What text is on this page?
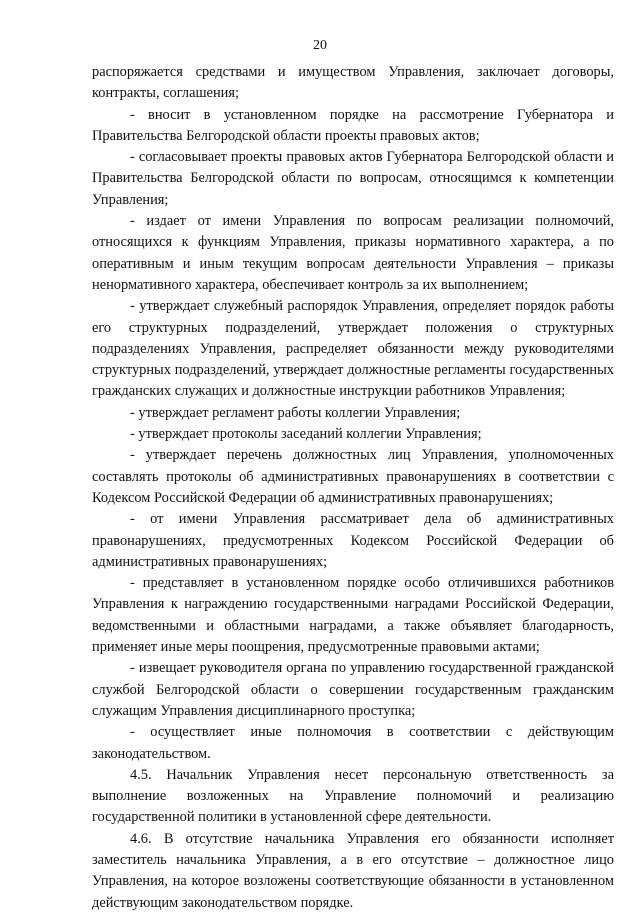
20

распоряжается средствами и имуществом Управления, заключает договоры, контракты, соглашения;

- вносит в установленном порядке на рассмотрение Губернатора и Правительства Белгородской области проекты правовых актов;

- согласовывает проекты правовых актов Губернатора Белгородской области и Правительства Белгородской области по вопросам, относящимся к компетенции Управления;

- издает от имени Управления по вопросам реализации полномочий, относящихся к функциям Управления, приказы нормативного характера, а по оперативным и иным текущим вопросам деятельности Управления – приказы ненормативного характера, обеспечивает контроль за их выполнением;

- утверждает служебный распорядок Управления, определяет порядок работы его структурных подразделений, утверждает положения о структурных подразделениях Управления, распределяет обязанности между руководителями структурных подразделений, утверждает должностные регламенты государственных гражданских служащих и должностные инструкции работников Управления;

- утверждает регламент работы коллегии Управления;

- утверждает протоколы заседаний коллегии Управления;

- утверждает перечень должностных лиц Управления, уполномоченных составлять протоколы об административных правонарушениях в соответствии с Кодексом Российской Федерации об административных правонарушениях;

- от имени Управления рассматривает дела об административных правонарушениях, предусмотренных Кодексом Российской Федерации об административных правонарушениях;

- представляет в установленном порядке особо отличившихся работников Управления к награждению государственными наградами Российской Федерации, ведомственными и областными наградами, а также объявляет благодарность, применяет иные меры поощрения, предусмотренные правовыми актами;

- извещает руководителя органа по управлению государственной гражданской службой Белгородской области о совершении государственным гражданским служащим Управления дисциплинарного проступка;

- осуществляет иные полномочия в соответствии с действующим законодательством.

4.5. Начальник Управления несет персональную ответственность за выполнение возложенных на Управление полномочий и реализацию государственной политики в установленной сфере деятельности.

4.6. В отсутствие начальника Управления его обязанности исполняет заместитель начальника Управления, а в его отсутствие – должностное лицо Управления, на которое возложены соответствующие обязанности в установленном действующим законодательством порядке.
